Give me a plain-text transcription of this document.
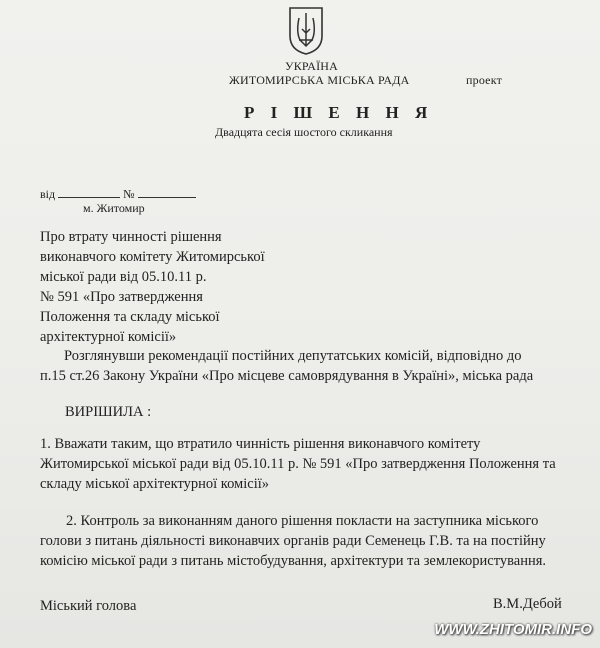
УКРАЇНА
ЖИТОМИРСЬКА МІСЬКА РАДА	проект
Р І Ш Е Н Н Я
Двадцята сесія шостого скликання
від	№
м. Житомир
Про втрату чинності рішення
виконавчого комітету Житомирської
міської ради від 05.10.11 р.
№ 591 «Про затвердження
Положення та складу міської
архітектурної комісії»
Розглянувши рекомендації постійних депутатських комісій, відповідно до
п.15 ст.26 Закону України «Про місцеве самоврядування в Україні», міська рада
ВИРІШИЛА :
1. Вважати таким, що втратило чинність рішення виконавчого комітету
Житомирської міської ради від 05.10.11 р. № 591 «Про затвердження Положення та
складу міської архітектурної комісії»
2. Контроль за виконанням даного рішення покласти на заступника міського
голови з питань діяльності виконавчих органів ради Семенець Г.В. та на постійну
комісію міської ради з питань містобудування, архітектури та землекористування.
Міський голова	В.М.Дебой
WWW.ZHITOMIR.INFO
